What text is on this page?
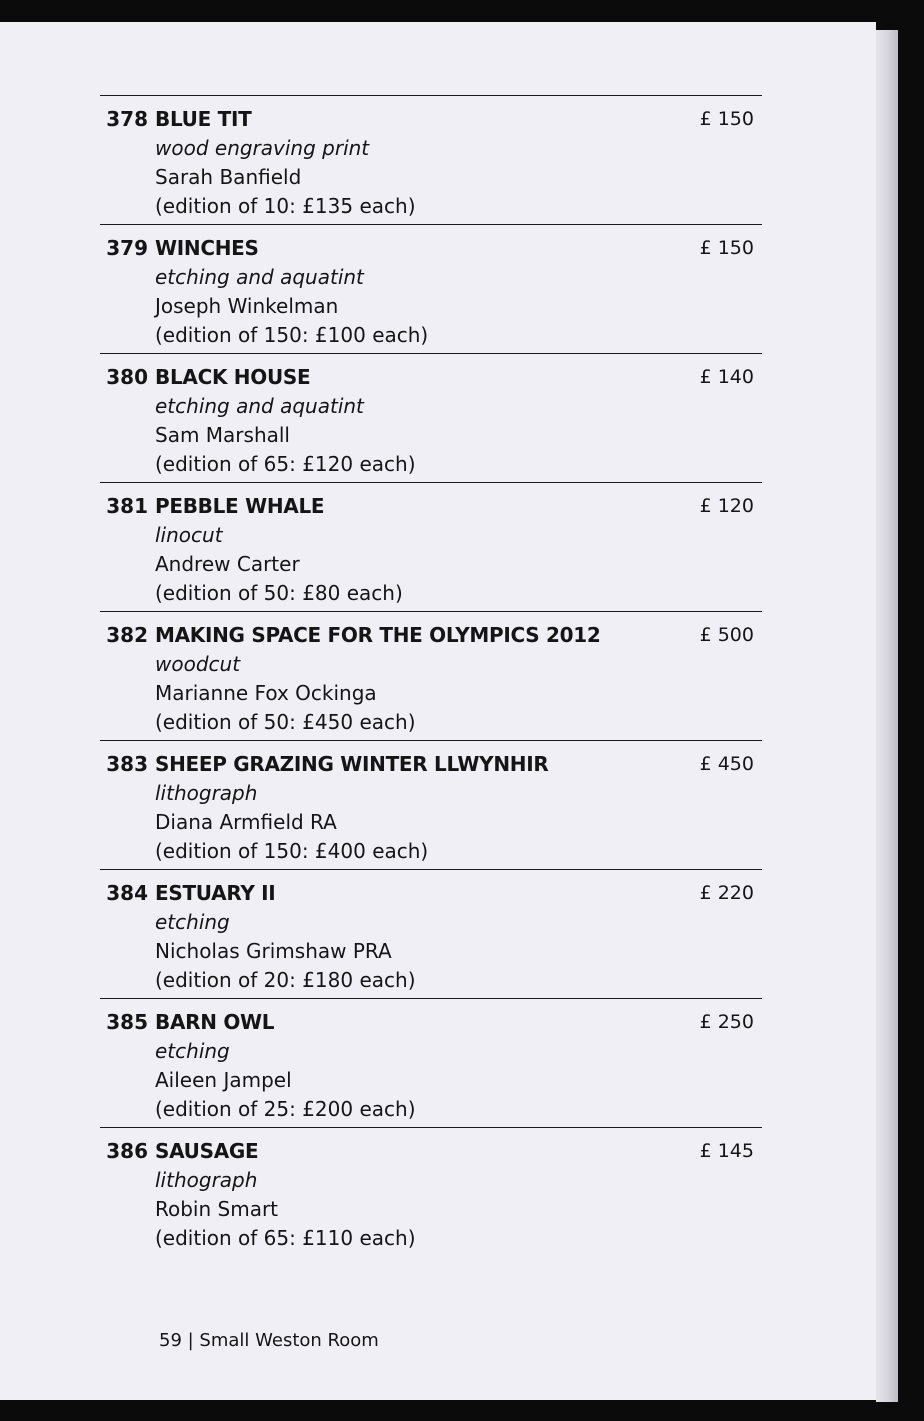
378 BLUE TIT
wood engraving print
Sarah Banfield
(edition of 10: £135 each)
£ 150
379 WINCHES
etching and aquatint
Joseph Winkelman
(edition of 150: £100 each)
£ 150
380 BLACK HOUSE
etching and aquatint
Sam Marshall
(edition of 65: £120 each)
£ 140
381 PEBBLE WHALE
linocut
Andrew Carter
(edition of 50: £80 each)
£ 120
382 MAKING SPACE FOR THE OLYMPICS 2012
woodcut
Marianne Fox Ockinga
(edition of 50: £450 each)
£ 500
383 SHEEP GRAZING WINTER LLWYNHIR
lithograph
Diana Armfield RA
(edition of 150: £400 each)
£ 450
384 ESTUARY II
etching
Nicholas Grimshaw PRA
(edition of 20: £180 each)
£ 220
385 BARN OWL
etching
Aileen Jampel
(edition of 25: £200 each)
£ 250
386 SAUSAGE
lithograph
Robin Smart
(edition of 65: £110 each)
£ 145
59 | Small Weston Room
